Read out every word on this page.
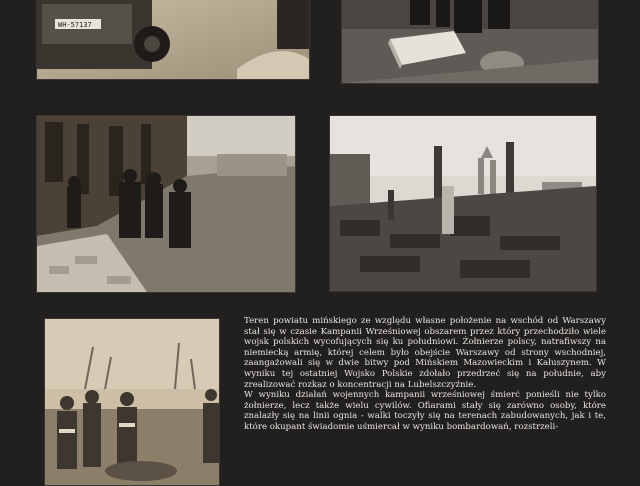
WH-57137

Teren powiatu mińskiego ze względu własne położenie na wschód od Warszawy stał się w czasie Kampanii Wrześniowej obszarem przez który przechodziło wiele wojsk polskich wycofujących się ku południowi. Żołnierze polscy, natrafiwszy na niemiecką armię, której celem było obejście Warszawy od strony wschodniej, zaangażowali się w dwie bitwy pod Mińskiem Mazowieckim i Kałuszynem. W wyniku tej ostatniej Wojsko Polskie zdołało przedrzeć się na południe, aby zrealizować rozkaz o koncentracji na Lubelszczyźnie.

W wyniku działań wojennych kampanii wrześniowej śmierć ponieśli nie tylko żołnierze, lecz także wielu cywilów. Ofiarami stały się zarówno osoby, które znalazły się na linii ognia - walki toczyły się na terenach zabudowanych, jak i te, które okupant świadomie uśmiercał w wyniku bombardowań, rozstrzeli-
